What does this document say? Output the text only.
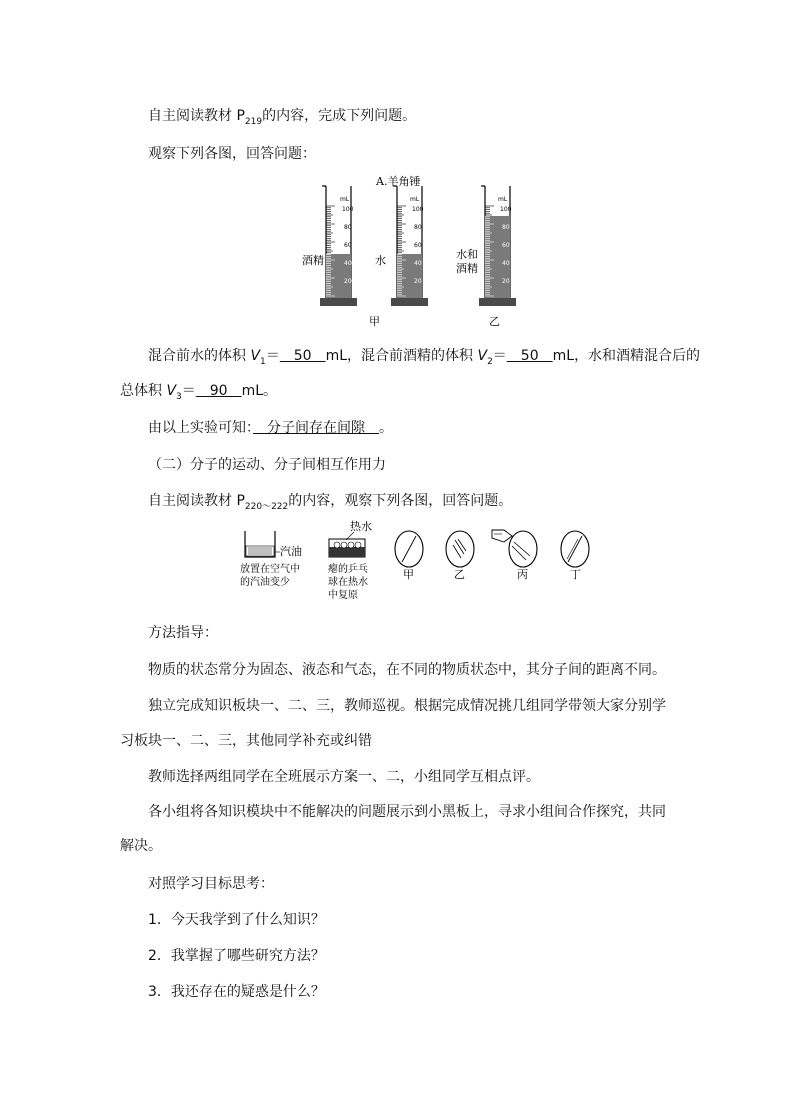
自主阅读教材 $P_{219}$的内容，完成下列问题。
观察下列各图，回答问题：
mL
100
80
60
40
20
酒精
mL
100
80
60
40
20
水
mL
100
80
60
40
20
水和
酒精
A.羊角锤
甲	乙
混合前水的体积 $V_1=$　50　mL，混合前酒精的体积 $V_2=$　50　mL，水和酒精混合后的
总体积 $V_3=$　90　mL。
由以上实验可知：　分子间存在间隙　。
（二）分子的运动、分子间相互作用力
自主阅读教材 $P_{220\sim 222}$的内容，观察下列各图，回答问题。
汽油
放置在空气中
的汽油变少
热水
瘪的乒乓
球在热水
中复原
甲	乙	丙	丁
方法指导：
物质的状态常分为固态、液态和气态，在不同的物质状态中，其分子间的距离不同。
独立完成知识板块一、二、三，教师巡视。根据完成情况挑几组同学带领大家分别学
习板块一、二、三，其他同学补充或纠错
教师选择两组同学在全班展示方案一、二，小组同学互相点评。
各小组将各知识模块中不能解决的问题展示到小黑板上，寻求小组间合作探究，共同
解决。
对照学习目标思考：
1．今天我学到了什么知识？
2．我掌握了哪些研究方法？
3．我还存在的疑惑是什么？
